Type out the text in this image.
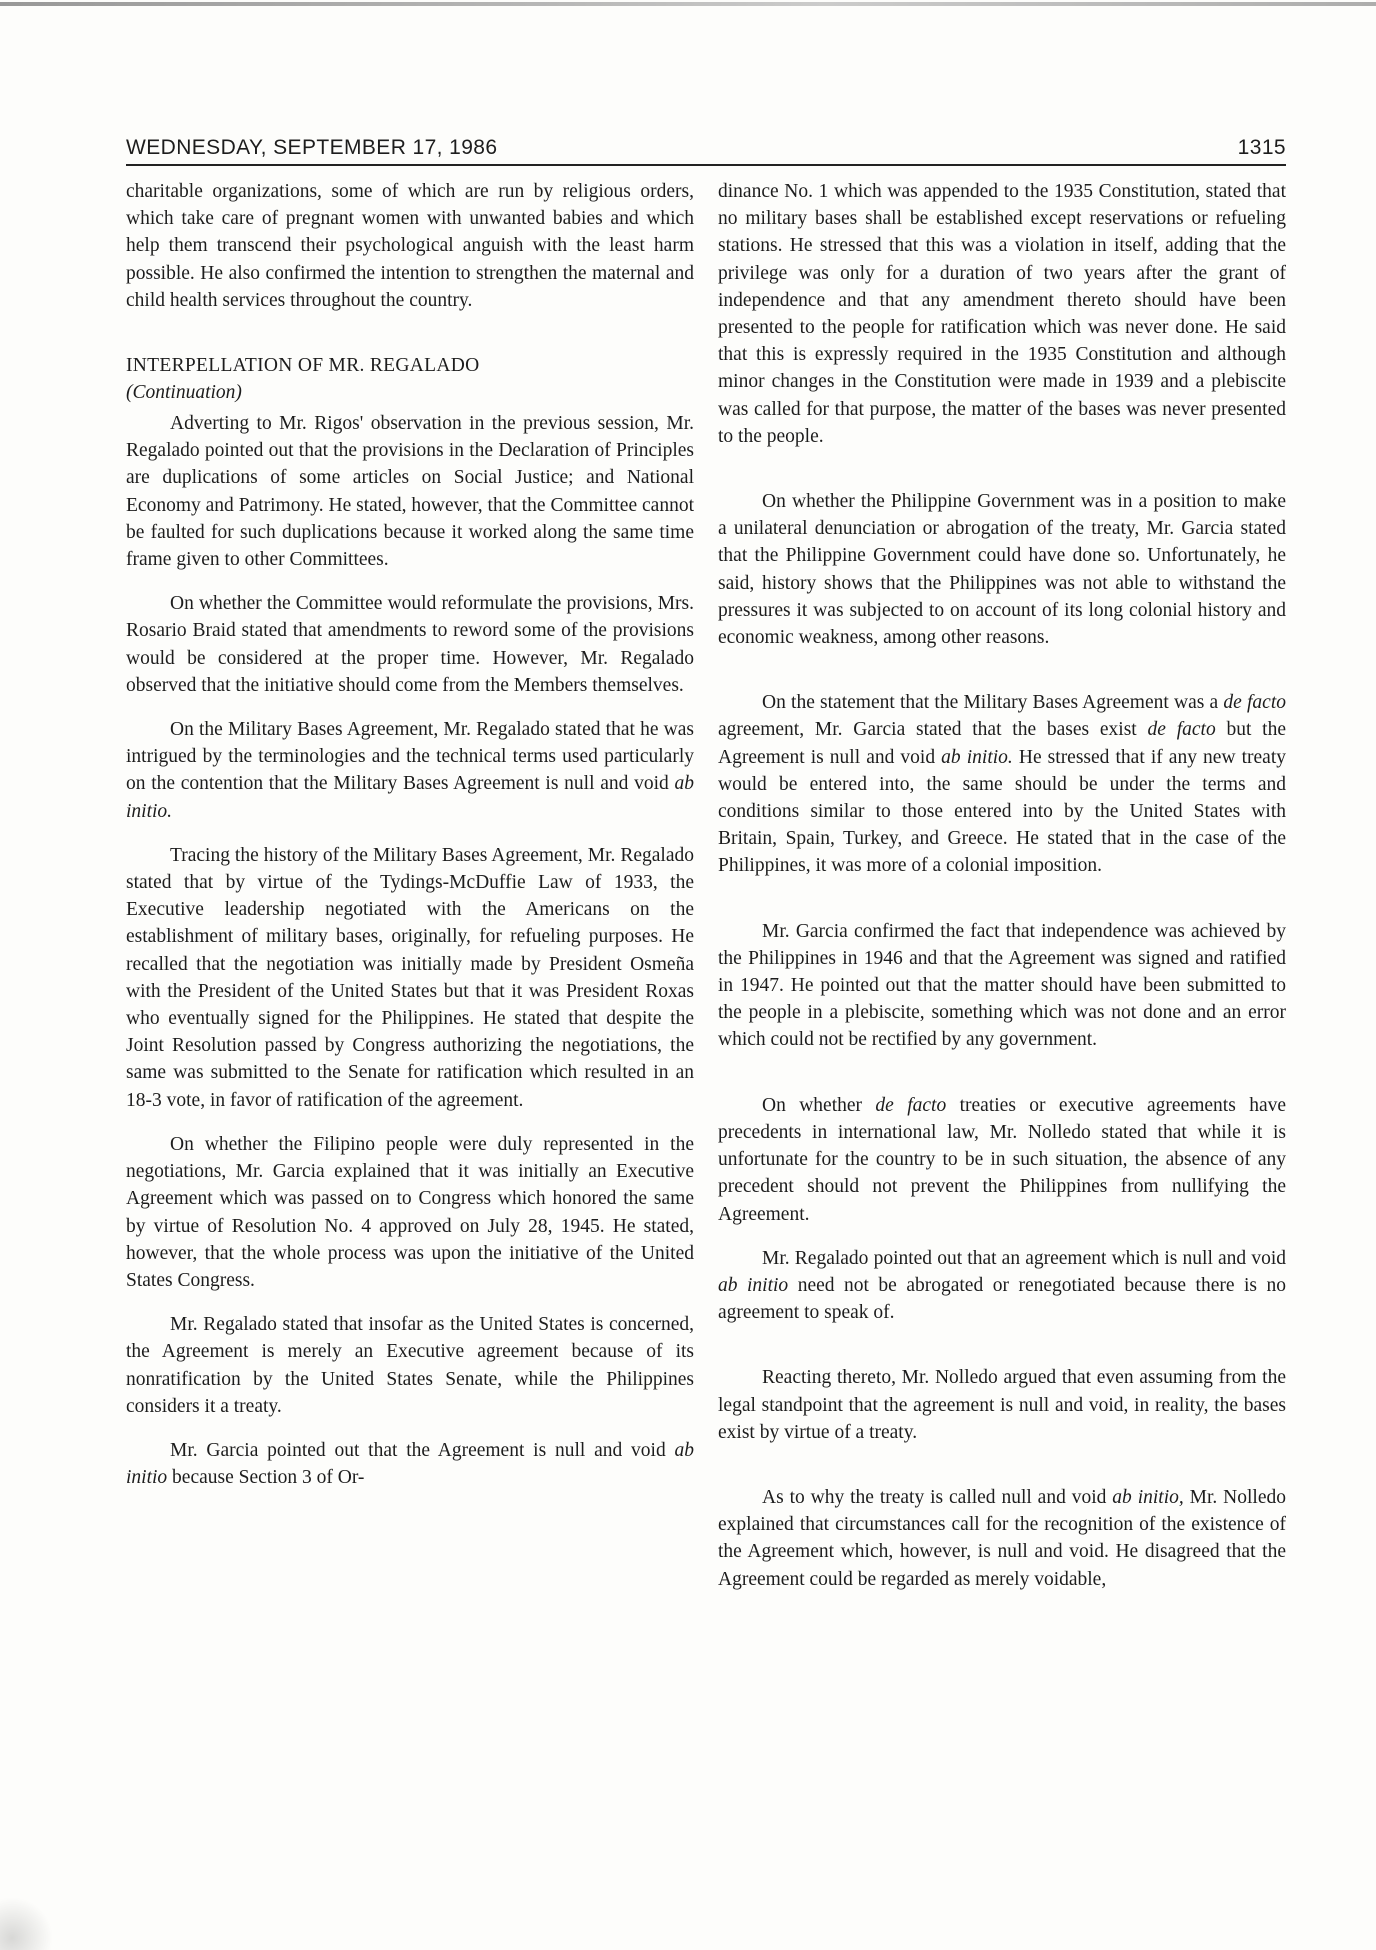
WEDNESDAY, SEPTEMBER 17, 1986	1315

charitable organizations, some of which are run by religious orders, which take care of pregnant women with unwanted babies and which help them transcend their psychological anguish with the least harm possible. He also confirmed the intention to strengthen the maternal and child health services throughout the country.

INTERPELLATION OF MR. REGALADO
(Continuation)

Adverting to Mr. Rigos' observation in the previous session, Mr. Regalado pointed out that the provisions in the Declaration of Principles are duplications of some articles on Social Justice; and National Economy and Patrimony. He stated, however, that the Committee cannot be faulted for such duplications because it worked along the same time frame given to other Committees.

On whether the Committee would reformulate the provisions, Mrs. Rosario Braid stated that amendments to reword some of the provisions would be considered at the proper time. However, Mr. Regalado observed that the initiative should come from the Members themselves.

On the Military Bases Agreement, Mr. Regalado stated that he was intrigued by the terminologies and the technical terms used particularly on the contention that the Military Bases Agreement is null and void ab initio.

Tracing the history of the Military Bases Agreement, Mr. Regalado stated that by virtue of the Tydings-McDuffie Law of 1933, the Executive leadership negotiated with the Americans on the establishment of military bases, originally, for refueling purposes. He recalled that the negotiation was initially made by President Osmeña with the President of the United States but that it was President Roxas who eventually signed for the Philippines. He stated that despite the Joint Resolution passed by Congress authorizing the negotiations, the same was submitted to the Senate for ratification which resulted in an 18-3 vote, in favor of ratification of the agreement.

On whether the Filipino people were duly represented in the negotiations, Mr. Garcia explained that it was initially an Executive Agreement which was passed on to Congress which honored the same by virtue of Resolution No. 4 approved on July 28, 1945. He stated, however, that the whole process was upon the initiative of the United States Congress.

Mr. Regalado stated that insofar as the United States is concerned, the Agreement is merely an Executive agreement because of its nonratification by the United States Senate, while the Philippines considers it a treaty.

Mr. Garcia pointed out that the Agreement is null and void ab initio because Section 3 of Or-

dinance No. 1 which was appended to the 1935 Constitution, stated that no military bases shall be established except reservations or refueling stations. He stressed that this was a violation in itself, adding that the privilege was only for a duration of two years after the grant of independence and that any amendment thereto should have been presented to the people for ratification which was never done. He said that this is expressly required in the 1935 Constitution and although minor changes in the Constitution were made in 1939 and a plebiscite was called for that purpose, the matter of the bases was never presented to the people.

On whether the Philippine Government was in a position to make a unilateral denunciation or abrogation of the treaty, Mr. Garcia stated that the Philippine Government could have done so. Unfortunately, he said, history shows that the Philippines was not able to withstand the pressures it was subjected to on account of its long colonial history and economic weakness, among other reasons.

On the statement that the Military Bases Agreement was a de facto agreement, Mr. Garcia stated that the bases exist de facto but the Agreement is null and void ab initio. He stressed that if any new treaty would be entered into, the same should be under the terms and conditions similar to those entered into by the United States with Britain, Spain, Turkey, and Greece. He stated that in the case of the Philippines, it was more of a colonial imposition.

Mr. Garcia confirmed the fact that independence was achieved by the Philippines in 1946 and that the Agreement was signed and ratified in 1947. He pointed out that the matter should have been submitted to the people in a plebiscite, something which was not done and an error which could not be rectified by any government.

On whether de facto treaties or executive agreements have precedents in international law, Mr. Nolledo stated that while it is unfortunate for the country to be in such situation, the absence of any precedent should not prevent the Philippines from nullifying the Agreement.

Mr. Regalado pointed out that an agreement which is null and void ab initio need not be abrogated or renegotiated because there is no agreement to speak of.

Reacting thereto, Mr. Nolledo argued that even assuming from the legal standpoint that the agreement is null and void, in reality, the bases exist by virtue of a treaty.

As to why the treaty is called null and void ab initio, Mr. Nolledo explained that circumstances call for the recognition of the existence of the Agreement which, however, is null and void. He disagreed that the Agreement could be regarded as merely voidable,
